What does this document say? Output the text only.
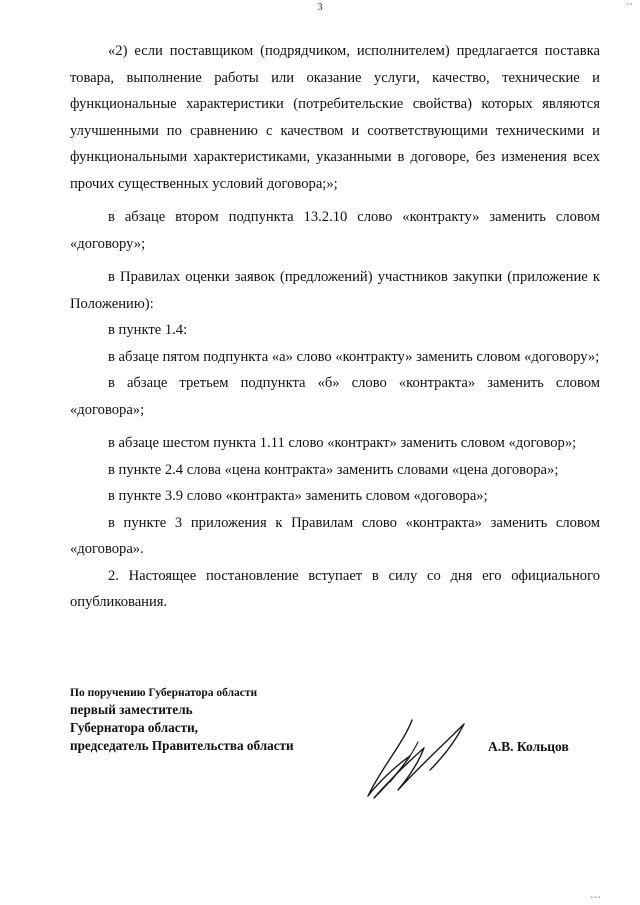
3

«2) если поставщиком (подрядчиком, исполнителем) предлагается поставка товара, выполнение работы или оказание услуги, качество, технические и функциональные характеристики (потребительские свойства) которых являются улучшенными по сравнению с качеством и соответствующими техническими и функциональными характеристиками, указанными в договоре, без изменения всех прочих существенных условий договора;»;

в абзаце втором подпункта 13.2.10 слово «контракту» заменить словом «договору»;

в Правилах оценки заявок (предложений) участников закупки (приложение к Положению):

в пункте 1.4:

в абзаце пятом подпункта «а» слово «контракту» заменить словом «договору»;

в абзаце третьем подпункта «б» слово «контракта» заменить словом «договора»;

в абзаце шестом пункта 1.11 слово «контракт» заменить словом «договор»;

в пункте 2.4 слова «цена контракта» заменить словами «цена договора»;

в пункте 3.9 слово «контракта» заменить словом «договора»;

в пункте 3 приложения к Правилам слово «контракта» заменить словом «договора».

2. Настоящее постановление вступает в силу со дня его официального опубликования.

По поручению Губернатора области
первый заместитель
Губернатора области,
председатель Правительства области	А.В. Кольцов
▪ ▪
▪ ▪ ▪
